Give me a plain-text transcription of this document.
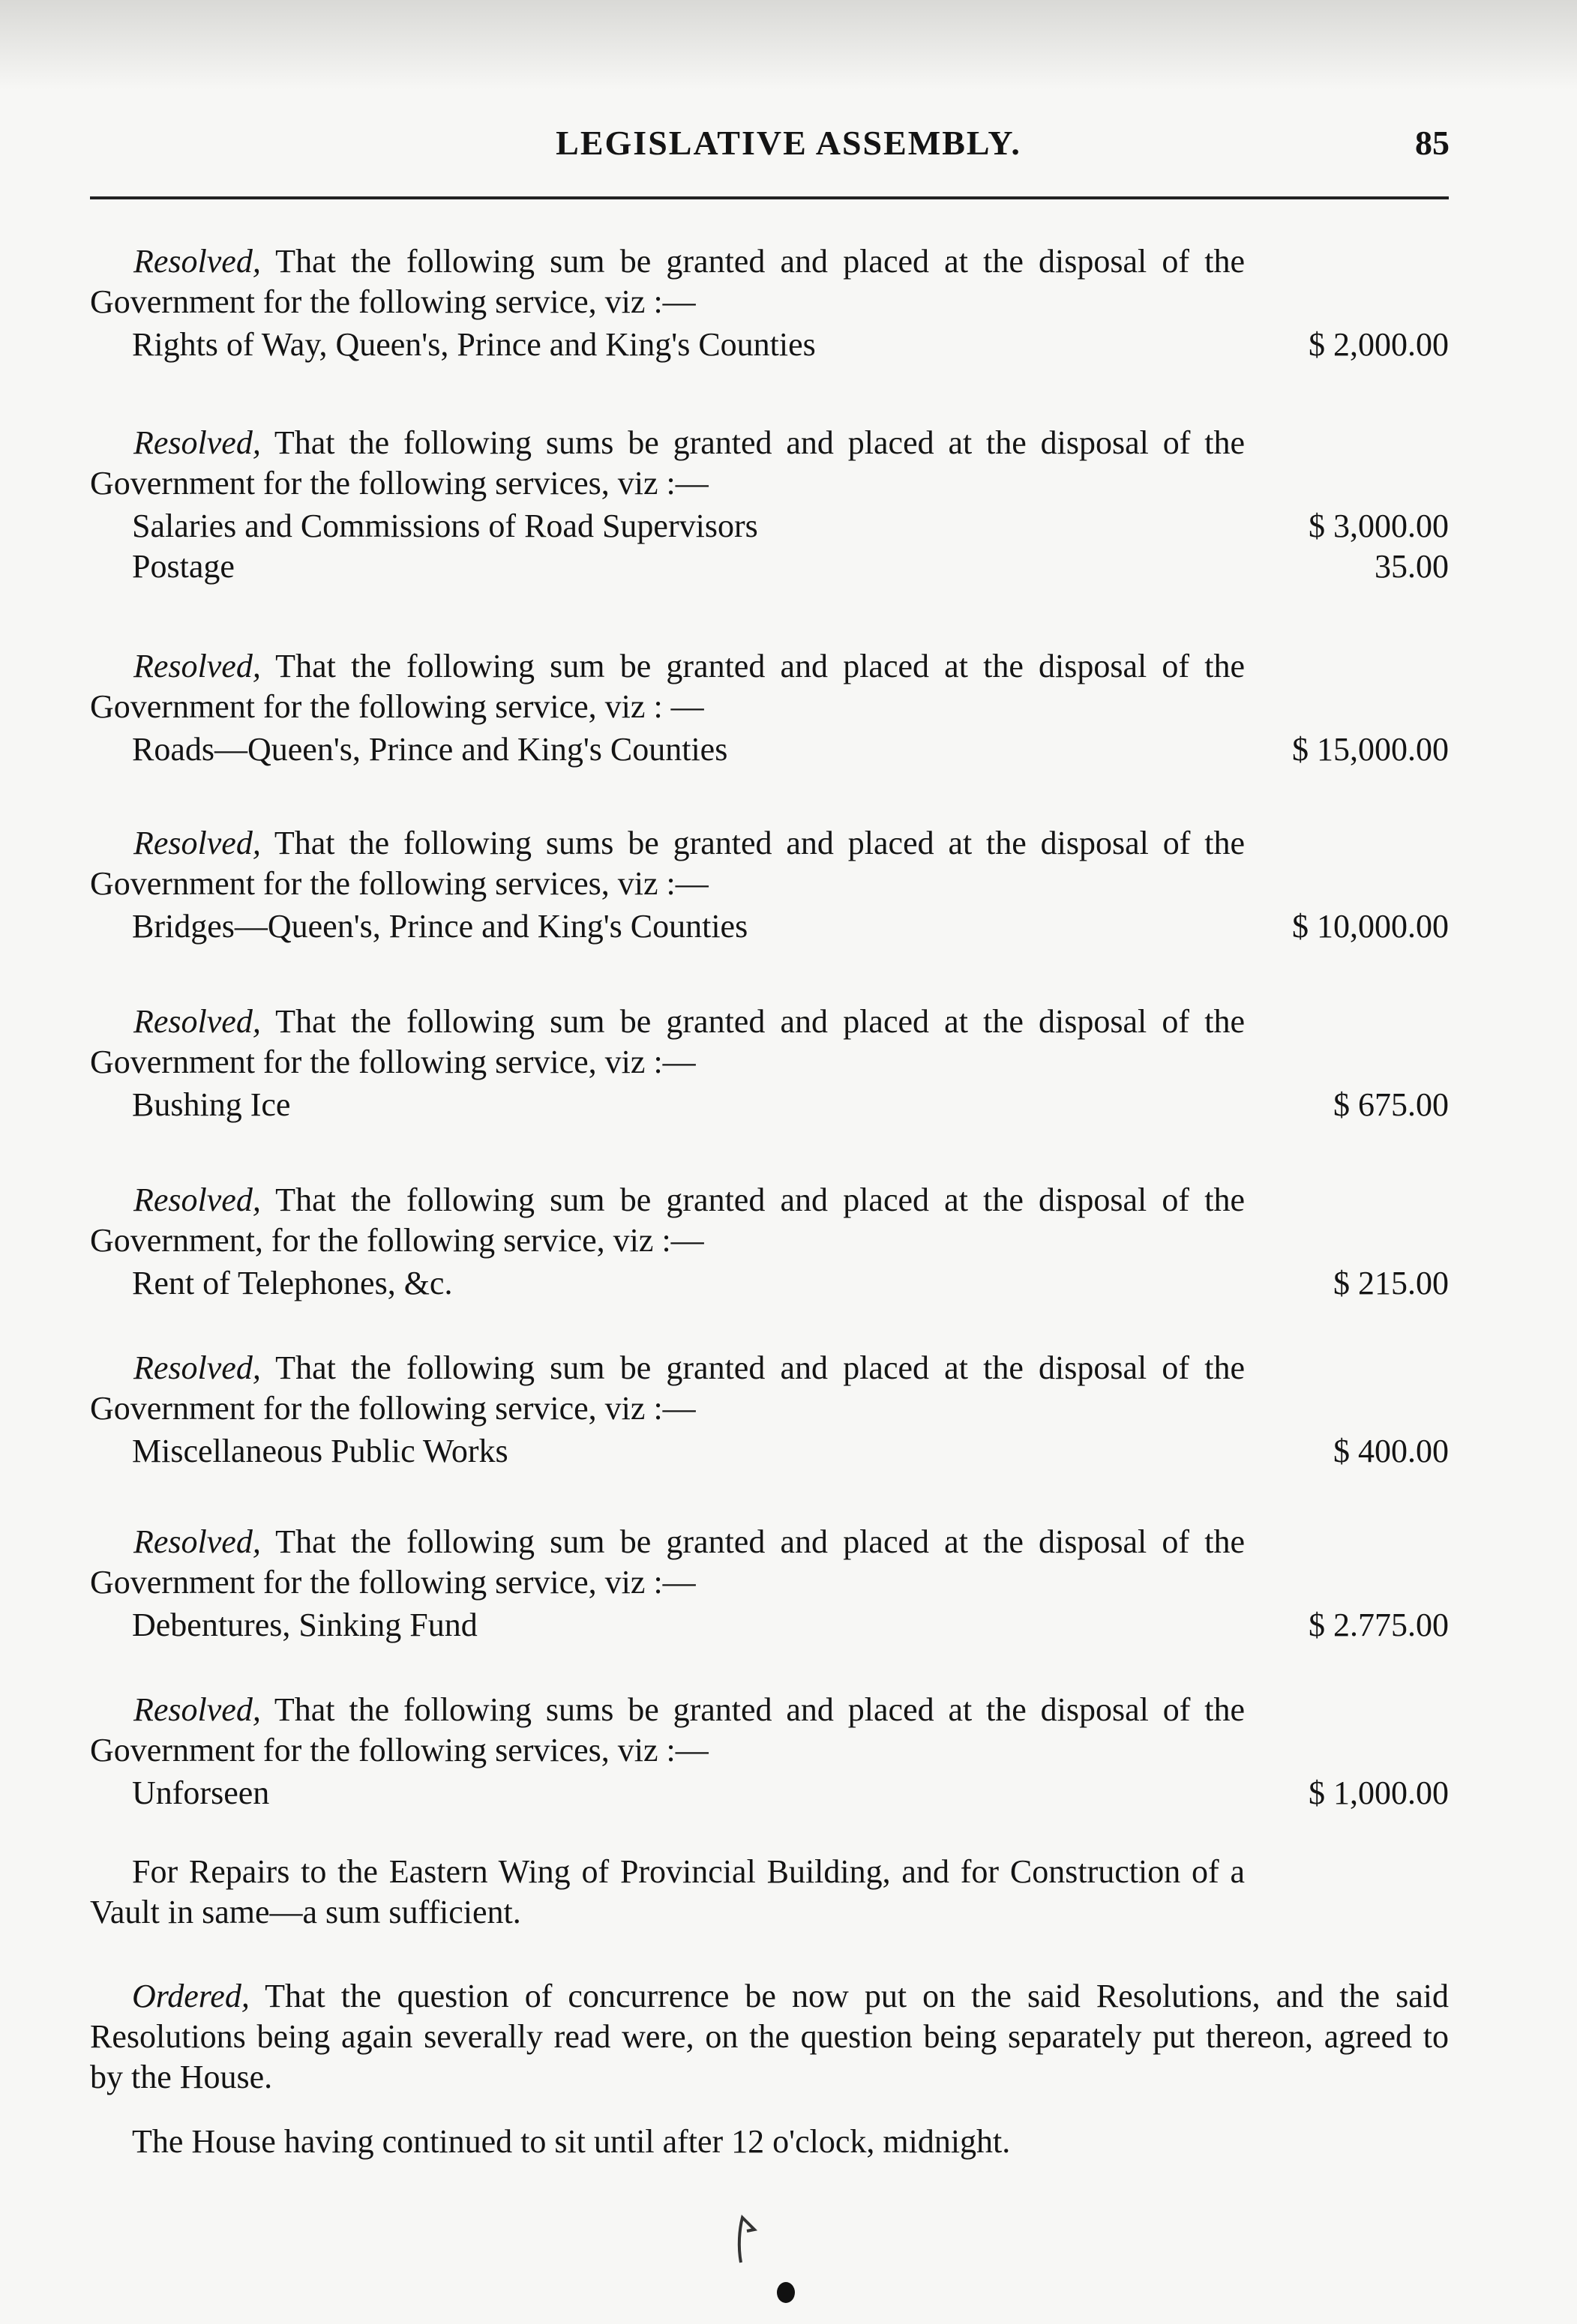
LEGISLATIVE ASSEMBLY.	85

Resolved, That the following sum be granted and placed at the disposal of the Government for the following service, viz :—

Rights of Way, Queen's, Prince and King's Counties	$ 2,000.00

Resolved, That the following sums be granted and placed at the disposal of the Government for the following services, viz :—

Salaries and Commissions of Road Supervisors	$ 3,000.00
Postage	35.00

Resolved, That the following sum be granted and placed at the disposal of the Government for the following service, viz : —

Roads—Queen's, Prince and King's Counties	$ 15,000.00

Resolved, That the following sums be granted and placed at the disposal of the Government for the following services, viz :—

Bridges—Queen's, Prince and King's Counties	$ 10,000.00

Resolved, That the following sum be granted and placed at the disposal of the Government for the following service, viz :—

Bushing Ice	$ 675.00

Resolved, That the following sum be granted and placed at the disposal of the Government, for the following service, viz :—

Rent of Telephones, &c.	$ 215.00

Resolved, That the following sum be granted and placed at the disposal of the Government for the following service, viz :—

Miscellaneous Public Works	$ 400.00

Resolved, That the following sum be granted and placed at the disposal of the Government for the following service, viz :—

Debentures, Sinking Fund	$ 2.775.00

Resolved, That the following sums be granted and placed at the disposal of the Government for the following services, viz :—

Unforseen	$ 1,000.00

For Repairs to the Eastern Wing of Provincial Building, and for Construction of a Vault in same—a sum sufficient.

Ordered, That the question of concurrence be now put on the said Resolutions, and the said Resolutions being again severally read were, on the question being separately put thereon, agreed to by the House.

The House having continued to sit until after 12 o'clock, midnight.
